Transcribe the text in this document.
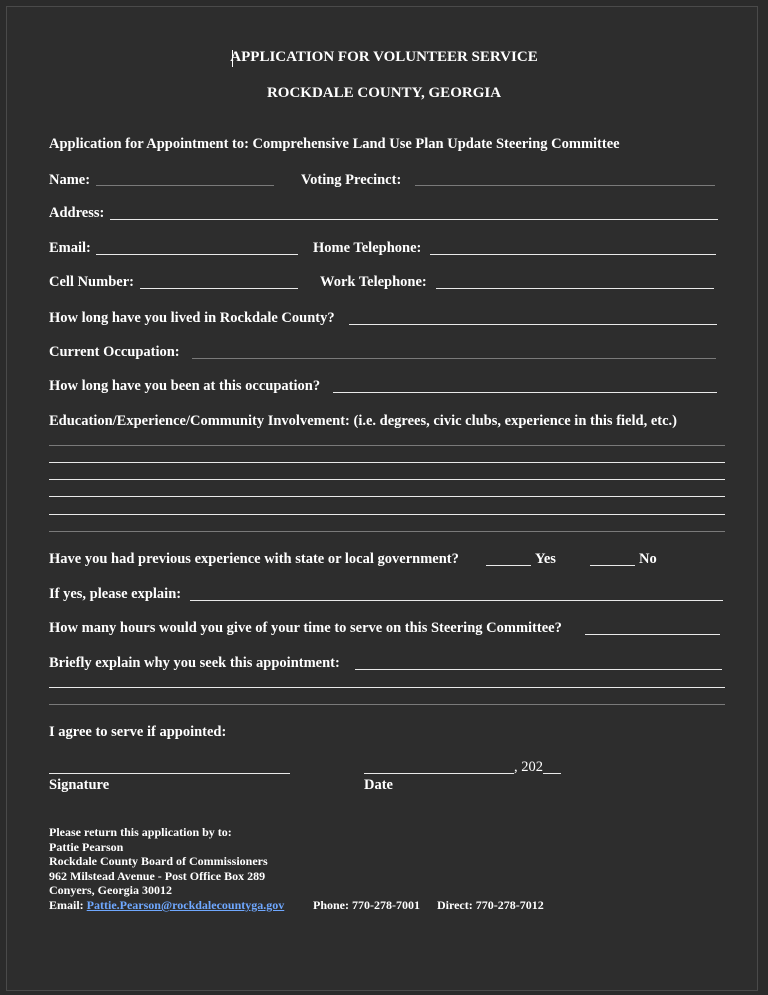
APPLICATION FOR VOLUNTEER SERVICE
ROCKDALE COUNTY, GEORGIA
Application for Appointment to: Comprehensive Land Use Plan Update Steering Committee
Name:	Voting Precinct:
Address:
Email:	Home Telephone:
Cell Number:	Work Telephone:
How long have you lived in Rockdale County?
Current Occupation:
How long have you been at this occupation?
Education/Experience/Community Involvement: (i.e. degrees, civic clubs, experience in this field, etc.)
Have you had previous experience with state or local government?	Yes	No
If yes, please explain:
How many hours would you give of your time to serve on this Steering Committee?
Briefly explain why you seek this appointment:
I agree to serve if appointed:
, 202
Signature	Date
Please return this application by to:
Pattie Pearson
Rockdale County Board of Commissioners
962 Milstead Avenue - Post Office Box 289
Conyers, Georgia 30012
Email: Pattie.Pearson@rockdalecountyga.gov Phone: 770-278-7001 Direct: 770-278-7012
